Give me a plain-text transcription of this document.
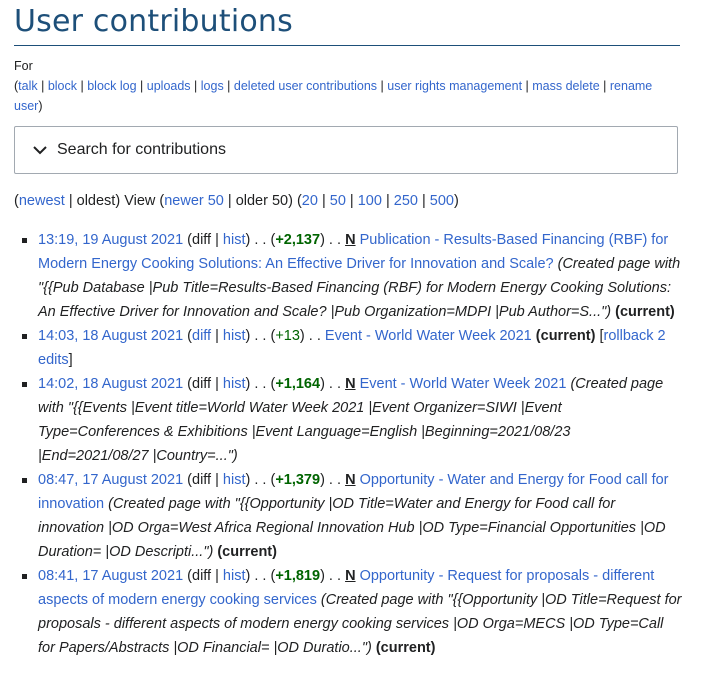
User contributions
For
(talk | block | block log | uploads | logs | deleted user contributions | user rights management | mass delete | rename user)
Search for contributions
(newest | oldest) View (newer 50 | older 50) (20 | 50 | 100 | 250 | 500)
13:19, 19 August 2021 (diff | hist) . . (+2,137) . . N Publication - Results-Based Financing (RBF) for Modern Energy Cooking Solutions: An Effective Driver for Innovation and Scale? (Created page with "{{Pub Database |Pub Title=Results-Based Financing (RBF) for Modern Energy Cooking Solutions: An Effective Driver for Innovation and Scale? |Pub Organization=MDPI |Pub Author=S...") (current)
14:03, 18 August 2021 (diff | hist) . . (+13) . . Event - World Water Week 2021 (current) [rollback 2 edits]
14:02, 18 August 2021 (diff | hist) . . (+1,164) . . N Event - World Water Week 2021 (Created page with "{{Events |Event title=World Water Week 2021 |Event Organizer=SIWI |Event Type=Conferences & Exhibitions |Event Language=English |Beginning=2021/08/23 |End=2021/08/27 |Country=...")
08:47, 17 August 2021 (diff | hist) . . (+1,379) . . N Opportunity - Water and Energy for Food call for innovation (Created page with "{{Opportunity |OD Title=Water and Energy for Food call for innovation |OD Orga=West Africa Regional Innovation Hub |OD Type=Financial Opportunities |OD Duration= |OD Descripti...") (current)
08:41, 17 August 2021 (diff | hist) . . (+1,819) . . N Opportunity - Request for proposals - different aspects of modern energy cooking services (Created page with "{{Opportunity |OD Title=Request for proposals - different aspects of modern energy cooking services |OD Orga=MECS |OD Type=Call for Papers/Abstracts |OD Financial= |OD Duratio...") (current)
